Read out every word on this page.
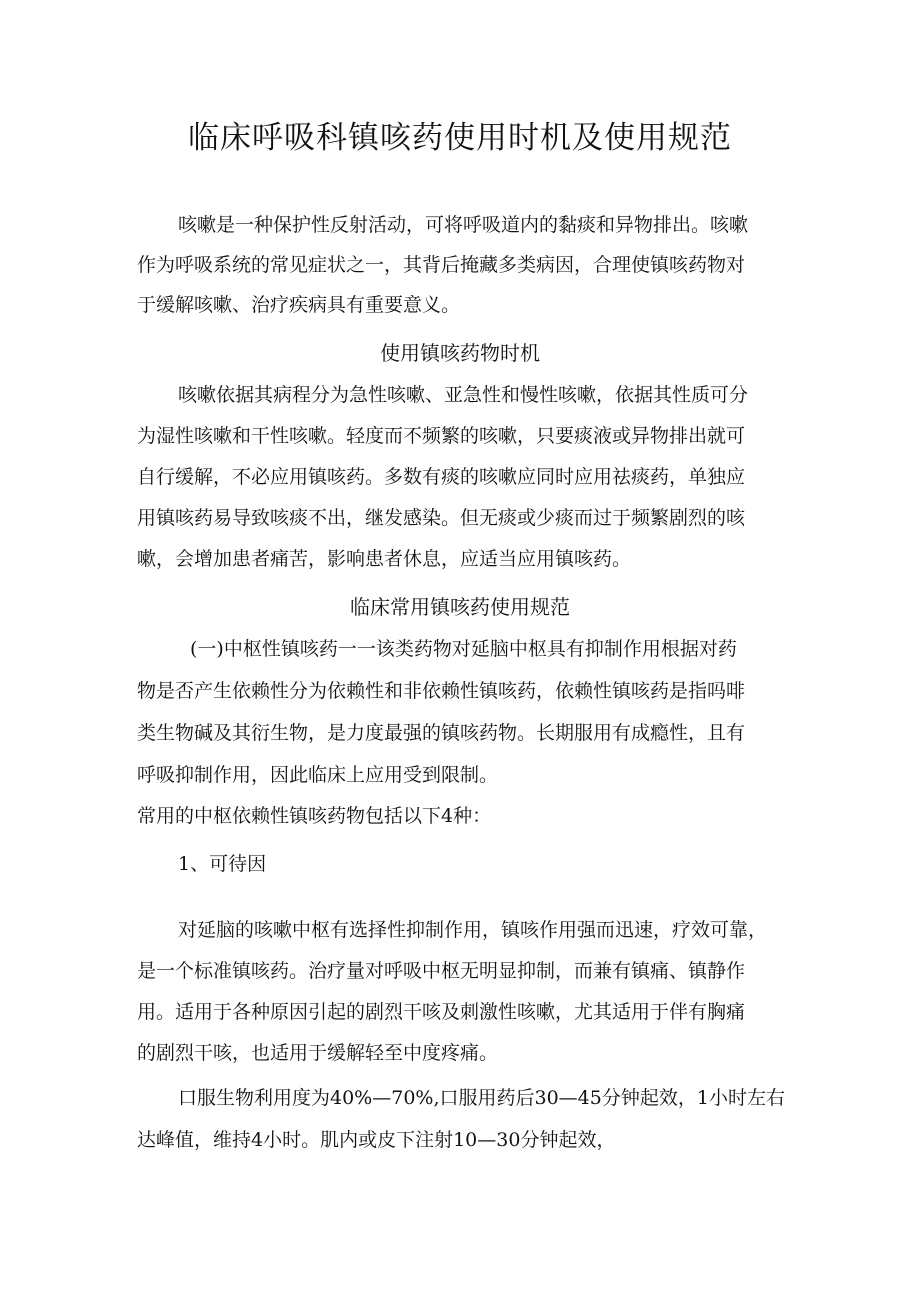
临床呼吸科镇咳药使用时机及使用规范
咳嗽是一种保护性反射活动，可将呼吸道内的黏痰和异物排出。咳嗽
作为呼吸系统的常见症状之一，其背后掩藏多类病因，合理使镇咳药物对
于缓解咳嗽、治疗疾病具有重要意义。
使用镇咳药物时机
咳嗽依据其病程分为急性咳嗽、亚急性和慢性咳嗽，依据其性质可分
为湿性咳嗽和干性咳嗽。轻度而不频繁的咳嗽，只要痰液或异物排出就可
自行缓解，不必应用镇咳药。多数有痰的咳嗽应同时应用祛痰药，单独应
用镇咳药易导致咳痰不出，继发感染。但无痰或少痰而过于频繁剧烈的咳
嗽，会增加患者痛苦，影响患者休息，应适当应用镇咳药。
临床常用镇咳药使用规范
(一)中枢性镇咳药一一该类药物对延脑中枢具有抑制作用根据对药
物是否产生依赖性分为依赖性和非依赖性镇咳药，依赖性镇咳药是指吗啡
类生物碱及其衍生物，是力度最强的镇咳药物。长期服用有成瘾性，且有
呼吸抑制作用，因此临床上应用受到限制。
常用的中枢依赖性镇咳药物包括以下4种：
1、可待因
对延脑的咳嗽中枢有选择性抑制作用，镇咳作用强而迅速，疗效可靠，
是一个标准镇咳药。治疗量对呼吸中枢无明显抑制，而兼有镇痛、镇静作
用。适用于各种原因引起的剧烈干咳及刺激性咳嗽，尤其适用于伴有胸痛
的剧烈干咳，也适用于缓解轻至中度疼痛。
口服生物利用度为40%—70%,口服用药后30—45分钟起效，1小时左右
达峰值，维持4小时。肌内或皮下注射10—30分钟起效，
